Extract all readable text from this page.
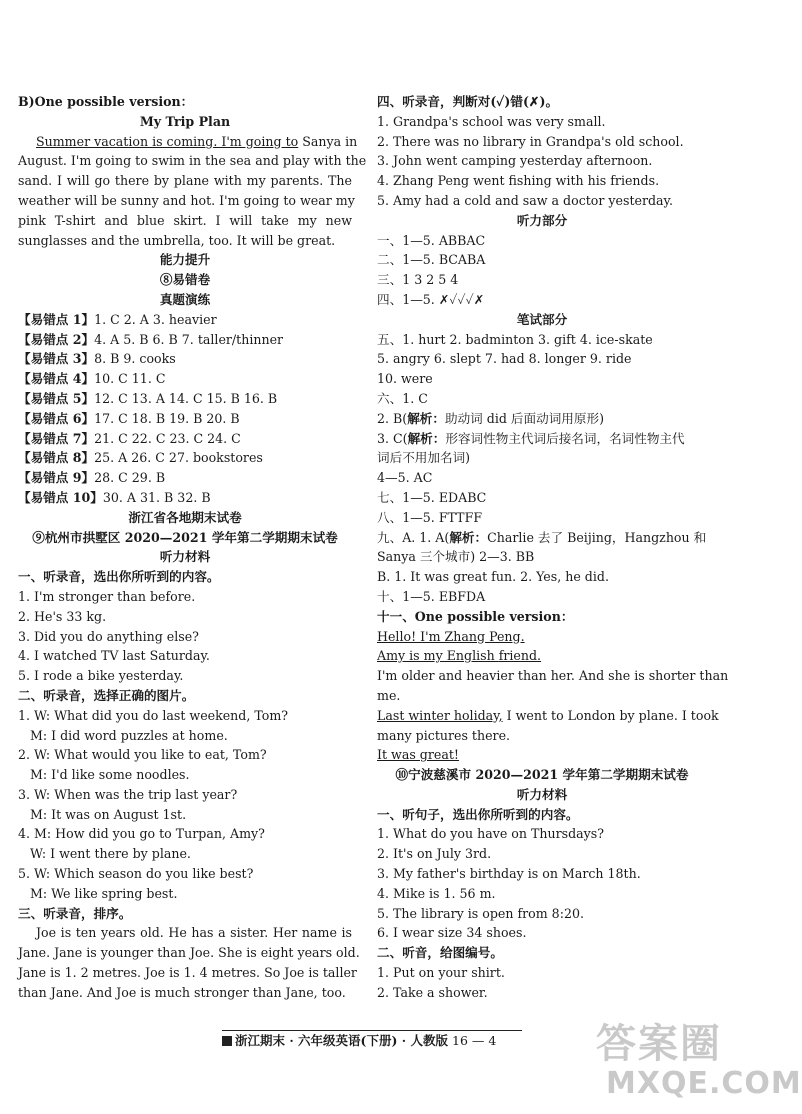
B)One possible version：
My Trip Plan
Summer vacation is coming. I'm going to Sanya in
August. I'm going to swim in the sea and play with the
sand. I will go there by plane with my parents. The
weather will be sunny and hot. I'm going to wear my
pink T-shirt and blue skirt. I will take my new
sunglasses and the umbrella, too. It will be great.
能力提升
⑧易错卷
真题演练
【易错点 1】1. C 2. A 3. heavier
【易错点 2】4. A 5. B 6. B 7. taller/thinner
【易错点 3】8. B 9. cooks
【易错点 4】10. C 11. C
【易错点 5】12. C 13. A 14. C 15. B 16. B
【易错点 6】17. C 18. B 19. B 20. B
【易错点 7】21. C 22. C 23. C 24. C
【易错点 8】25. A 26. C 27. bookstores
【易错点 9】28. C 29. B
【易错点 10】30. A 31. B 32. B
浙江省各地期末试卷
⑨杭州市拱墅区 2020—2021 学年第二学期期末试卷
听力材料
一、听录音，选出你所听到的内容。
1. I'm stronger than before.
2. He's 33 kg.
3. Did you do anything else?
4. I watched TV last Saturday.
5. I rode a bike yesterday.
二、听录音，选择正确的图片。
1. W: What did you do last weekend, Tom?
M: I did word puzzles at home.
2. W: What would you like to eat, Tom?
M: I'd like some noodles.
3. W: When was the trip last year?
M: It was on August 1st.
4. M: How did you go to Turpan, Amy?
W: I went there by plane.
5. W: Which season do you like best?
M: We like spring best.
三、听录音，排序。
Joe is ten years old. He has a sister. Her name is
Jane. Jane is younger than Joe. She is eight years old.
Jane is 1. 2 metres. Joe is 1. 4 metres. So Joe is taller
than Jane. And Joe is much stronger than Jane, too.
四、听录音，判断对(✓)错(✗)。
1. Grandpa's school was very small.
2. There was no library in Grandpa's old school.
3. John went camping yesterday afternoon.
4. Zhang Peng went fishing with his friends.
5. Amy had a cold and saw a doctor yesterday.
听力部分
一、1—5. ABBAC
二、1—5. BCABA
三、1 3 2 5 4
四、1—5. ✗✓✓✓✗
笔试部分
五、1. hurt 2. badminton 3. gift 4. ice-skate
5. angry 6. slept 7. had 8. longer 9. ride
10. were
六、1. C
2. B(解析：助动词 did 后面动词用原形)
3. C(解析：形容词性物主代词后接名词，名词性物主代
词后不用加名词)
4—5. AC
七、1—5. EDABC
八、1—5. FTTFF
九、A. 1. A(解析：Charlie 去了 Beijing，Hangzhou 和
Sanya 三个城市) 2—3. BB
B. 1. It was great fun. 2. Yes, he did.
十、1—5. EBFDA
十一、One possible version：
Hello! I'm Zhang Peng.
Amy is my English friend.
I'm older and heavier than her. And she is shorter than
me.
Last winter holiday, I went to London by plane. I took
many pictures there.
It was great!
⑩宁波慈溪市 2020—2021 学年第二学期期末试卷
听力材料
一、听句子，选出你所听到的内容。
1. What do you have on Thursdays?
2. It's on July 3rd.
3. My father's birthday is on March 18th.
4. Mike is 1. 56 m.
5. The library is open from 8:20.
6. I wear size 34 shoes.
二、听音，给图编号。
1. Put on your shirt.
2. Take a shower.
浙江期末 · 六年级英语(下册) · 人教版 16 — 4 答案圈
MXQE.COM
